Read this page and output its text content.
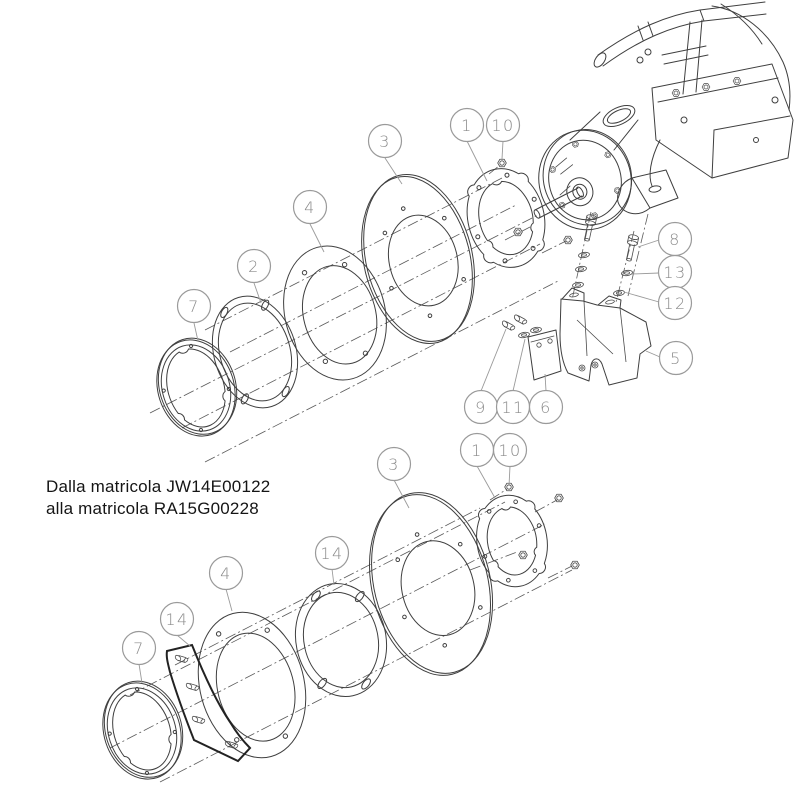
3
4
2
7
1 10
8
13
12
5
9 11 6
3
1 10
14
4
14
7
Dalla matricola JW14E00122
alla matricola RA15G00228
